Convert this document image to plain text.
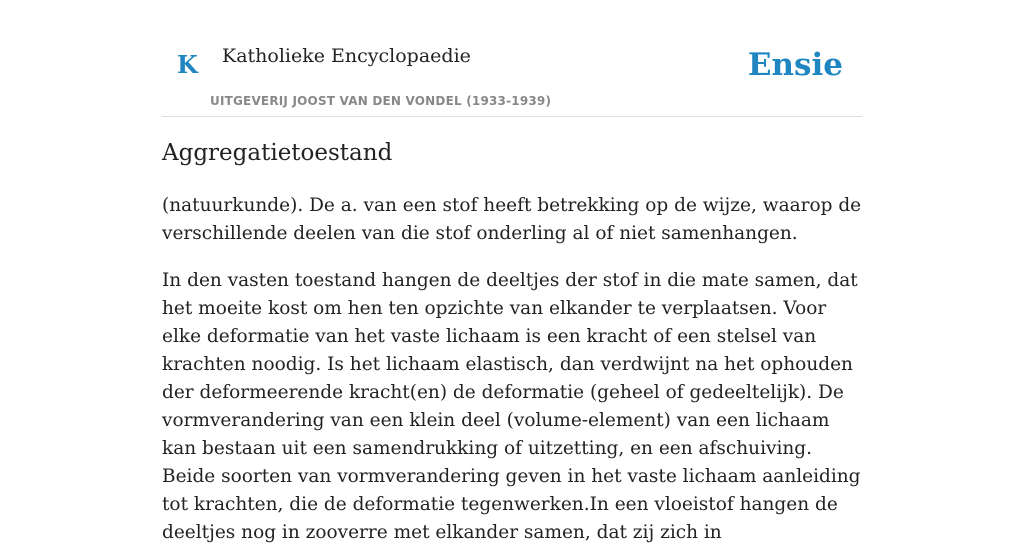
K Katholieke Encyclopaedie
UITGEVERIJ JOOST VAN DEN VONDEL (1933-1939)
Ensie
Aggregatietoestand

(natuurkunde). De a. van een stof heeft betrekking op de wijze, waarop de verschillende deelen van die stof onderling al of niet samenhangen.

In den vasten toestand hangen de deeltjes der stof in die mate samen, dat het moeite kost om hen ten opzichte van elkander te verplaatsen. Voor elke deformatie van het vaste lichaam is een kracht of een stelsel van krachten noodig. Is het lichaam elastisch, dan verdwijnt na het ophouden der deformeerende kracht(en) de deformatie (geheel of gedeeltelijk). De vormverandering van een klein deel (volume-element) van een lichaam kan bestaan uit een samendrukking of uitzetting, en een afschuiving. Beide soorten van vormverandering geven in het vaste lichaam aanleiding tot krachten, die de deformatie tegenwerken.In een vloeistof hangen de deeltjes nog in zooverre met elkander samen, dat zij zich in
